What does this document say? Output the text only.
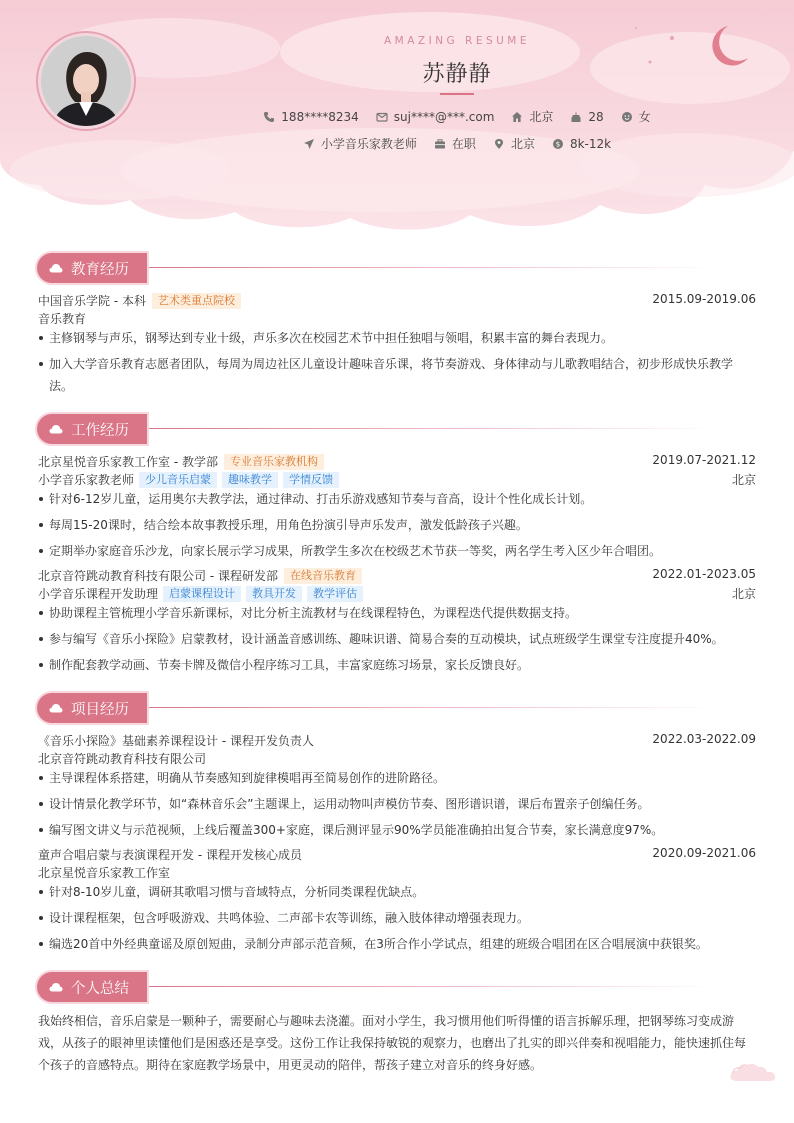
AMAZING RESUME
苏静静
188****8234	suj****@***.com	北京	28	女
小学音乐家教老师	在职	北京	$ 8k-12k
教育经历
中国音乐学院 - 本科	艺术类重点院校	2015.09-2019.06
音乐教育
主修钢琴与声乐，钢琴达到专业十级，声乐多次在校园艺术节中担任独唱与领唱，积累丰富的舞台表现力。
加入大学音乐教育志愿者团队，每周为周边社区儿童设计趣味音乐课，将节奏游戏、身体律动与儿歌教唱结合，初步形成快乐教学法。
工作经历
北京星悦音乐家教工作室 - 教学部	专业音乐家教机构	2019.07-2021.12
小学音乐家教老师	少儿音乐启蒙	趣味教学	学情反馈	北京
针对6-12岁儿童，运用奥尔夫教学法，通过律动、打击乐游戏感知节奏与音高，设计个性化成长计划。
每周15-20课时，结合绘本故事教授乐理，用角色扮演引导声乐发声，激发低龄孩子兴趣。
定期举办家庭音乐沙龙，向家长展示学习成果，所教学生多次在校级艺术节获一等奖，两名学生考入区少年合唱团。
北京音符跳动教育科技有限公司 - 课程研发部	在线音乐教育	2022.01-2023.05
小学音乐课程开发助理	启蒙课程设计	教具开发	教学评估	北京
协助课程主管梳理小学音乐新课标，对比分析主流教材与在线课程特色，为课程迭代提供数据支持。
参与编写《音乐小探险》启蒙教材，设计涵盖音感训练、趣味识谱、简易合奏的互动模块，试点班级学生课堂专注度提升40%。
制作配套教学动画、节奏卡牌及微信小程序练习工具，丰富家庭练习场景，家长反馈良好。
项目经历
《音乐小探险》基础素养课程设计 - 课程开发负责人	2022.03-2022.09
北京音符跳动教育科技有限公司
主导课程体系搭建，明确从节奏感知到旋律模唱再至简易创作的进阶路径。
设计情景化教学环节，如“森林音乐会”主题课上，运用动物叫声模仿节奏、图形谱识谱，课后布置亲子创编任务。
编写图文讲义与示范视频，上线后覆盖300+家庭，课后测评显示90%学员能准确拍出复合节奏，家长满意度97%。
童声合唱启蒙与表演课程开发 - 课程开发核心成员	2020.09-2021.06
北京星悦音乐家教工作室
针对8-10岁儿童，调研其歌唱习惯与音域特点，分析同类课程优缺点。
设计课程框架，包含呼吸游戏、共鸣体验、二声部卡农等训练，融入肢体律动增强表现力。
编选20首中外经典童谣及原创短曲，录制分声部示范音频，在3所合作小学试点，组建的班级合唱团在区合唱展演中获银奖。
个人总结
我始终相信，音乐启蒙是一颗种子，需要耐心与趣味去浇灌。面对小学生，我习惯用他们听得懂的语言拆解乐理，把钢琴练习变成游戏，从孩子的眼神里读懂他们是困惑还是享受。这份工作让我保持敏锐的观察力，也磨出了扎实的即兴伴奏和视唱能力，能快速抓住每个孩子的音感特点。期待在家庭教学场景中，用更灵动的陪伴，帮孩子建立对音乐的终身好感。
